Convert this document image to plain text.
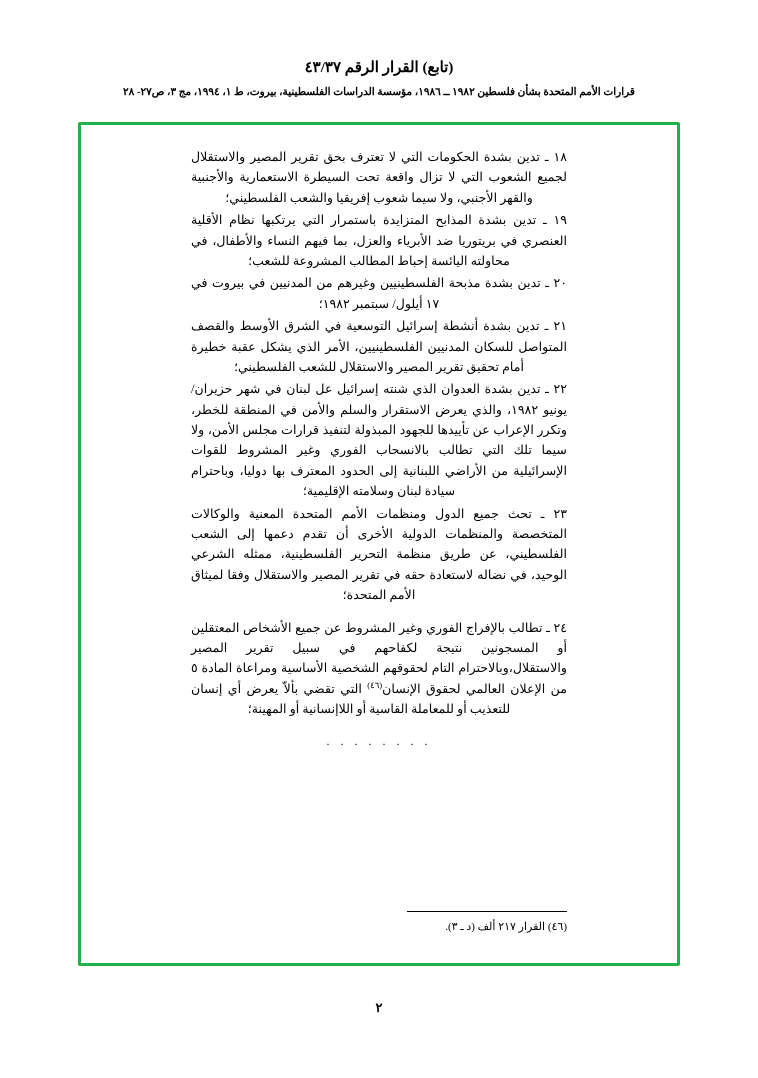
(تابع) القرار الرقم ٤٣/٣٧
قرارات الأمم المتحدة بشأن فلسطين ١٩٨٢ ــ ١٩٨٦، مؤسسة الدراسات الفلسطينية، بيروت، ط ١، ١٩٩٤، مج ٣، ص٢٧- ٢٨

١٨ ـ تدين بشدة الحكومات التي لا تعترف بحق تقرير المصير والاستقلال لجميع الشعوب التي لا تزال واقعة تحت السيطرة الاستعمارية والأجنبية والقهر الأجنبي، ولا سيما شعوب إفريقيا والشعب الفلسطيني؛

١٩ ـ تدين بشدة المذابح المتزايدة باستمرار التي يرتكبها نظام الأقلية العنصري في بريتوريا ضد الأبرياء والعزل، بما فيهم النساء والأطفال، في محاولته اليائسة إحباط المطالب المشروعة للشعب؛

٢٠ ـ تدين بشدة مذبحة الفلسطينيين وغيرهم من المدنيين في بيروت في ١٧ أيلول/ سبتمبر ١٩٨٢؛

٢١ ـ تدين بشدة أنشطة إسرائيل التوسعية في الشرق الأوسط والقصف المتواصل للسكان المدنيين الفلسطينيين، الأمر الذي يشكل عقبة خطيرة أمام تحقيق تقرير المصير والاستقلال للشعب الفلسطيني؛

٢٢ ـ تدين بشدة العدوان الذي شنته إسرائيل عل لبنان في شهر حزيران/يونيو ١٩٨٢، والذي يعرض الاستقرار والسلم والأمن في المنطقة للخطر، وتكرر الإعراب عن تأييدها للجهود المبذولة لتنفيذ قرارات مجلس الأمن، ولا سيما تلك التي تطالب بالانسحاب الفوري وغير المشروط للقوات الإسرائيلية من الأراضي اللبنانية إلى الحدود المعترف بها دوليا، وباحترام سيادة لبنان وسلامته الإقليمية؛

٢٣ ـ تحث جميع الدول ومنظمات الأمم المتحدة المعنية والوكالات المتخصصة والمنظمات الدولية الأخرى أن تقدم دعمها إلى الشعب الفلسطيني، عن طريق منظمة التحرير الفلسطينية، ممثله الشرعي الوحيد، في نضاله لاستعادة حقه في تقرير المصير والاستقلال وفقا لميثاق الأمم المتحدة؛

٢٤ ـ تطالب بالإفراج الفوري وغير المشروط عن جميع الأشخاص المعتقلين أو المسجونين نتيجة لكفاحهم في سبيل تقرير المصير والاستقلال،وبالاحترام التام لحقوقهم الشخصية الأساسية ومراعاة المادة ٥ من الإعلان العالمي لحقوق الإنسان$^{(٤٦)}$ التي تقضي بألاّ يعرض أي إنسان للتعذيب أو للمعاملة القاسية أو اللاإنسانية أو المهينة؛

. . . . . . . .
(٤٦) القرار ٢١٧ ألف (د ـ ٣).
٢
